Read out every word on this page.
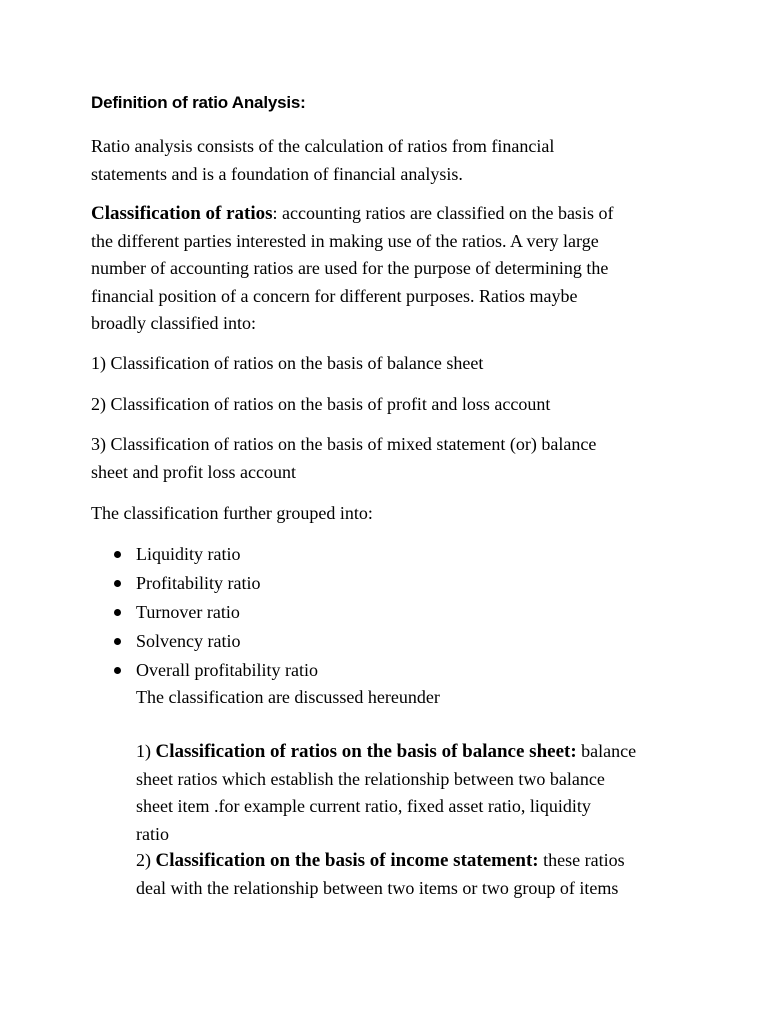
Definition of ratio Analysis:

Ratio analysis consists of the calculation of ratios from financial
statements and is a foundation of financial analysis.

Classification of ratios: accounting ratios are classified on the basis of
the different parties interested in making use of the ratios. A very large
number of accounting ratios are used for the purpose of determining the
financial position of a concern for different purposes. Ratios maybe
broadly classified into:

1) Classification of ratios on the basis of balance sheet

2) Classification of ratios on the basis of profit and loss account

3) Classification of ratios on the basis of mixed statement (or) balance
sheet and profit loss account

The classification further grouped into:

Liquidity ratio
Profitability ratio
Turnover ratio
Solvency ratio
Overall profitability ratio

The classification are discussed hereunder

1) Classification of ratios on the basis of balance sheet: balance
sheet ratios which establish the relationship between two balance
sheet item .for example current ratio, fixed asset ratio, liquidity
ratio

2) Classification on the basis of income statement: these ratios
deal with the relationship between two items or two group of items
